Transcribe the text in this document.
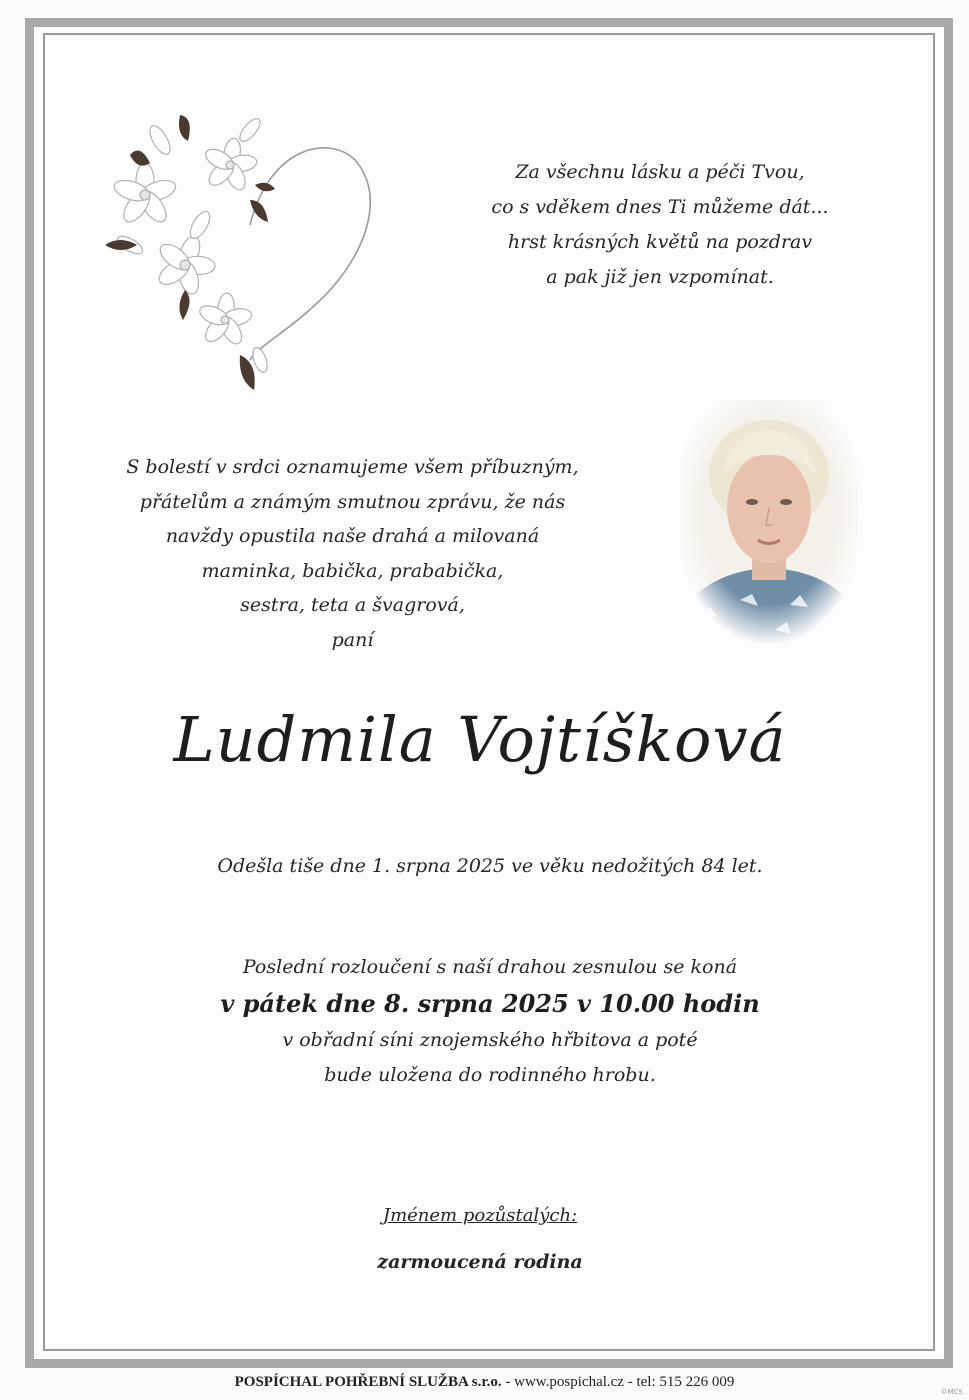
Za všechnu lásku a péči Tvou,
co s vděkem dnes Ti můžeme dát...
hrst krásných květů na pozdrav
a pak již jen vzpomínat.
S bolestí v srdci oznamujeme všem příbuzným,
přátelům a známým smutnou zprávu, že nás
navždy opustila naše drahá a milovaná
maminka, babička, prababička,
sestra, teta a švagrová,
paní
Ludmila Vojtíšková
Odešla tiše dne 1. srpna 2025 ve věku nedožitých 84 let.
Poslední rozloučení s naší drahou zesnulou se koná
v pátek dne 8. srpna 2025 v 10.00 hodin
v obřadní síni znojemského hřbitova a poté
bude uložena do rodinného hrobu.
Jménem pozůstalých:
zarmoucená rodina
POSPÍCHAL POHŘEBNÍ SLUŽBA s.r.o. - www.pospichal.cz - tel: 515 226 009
©MCS
